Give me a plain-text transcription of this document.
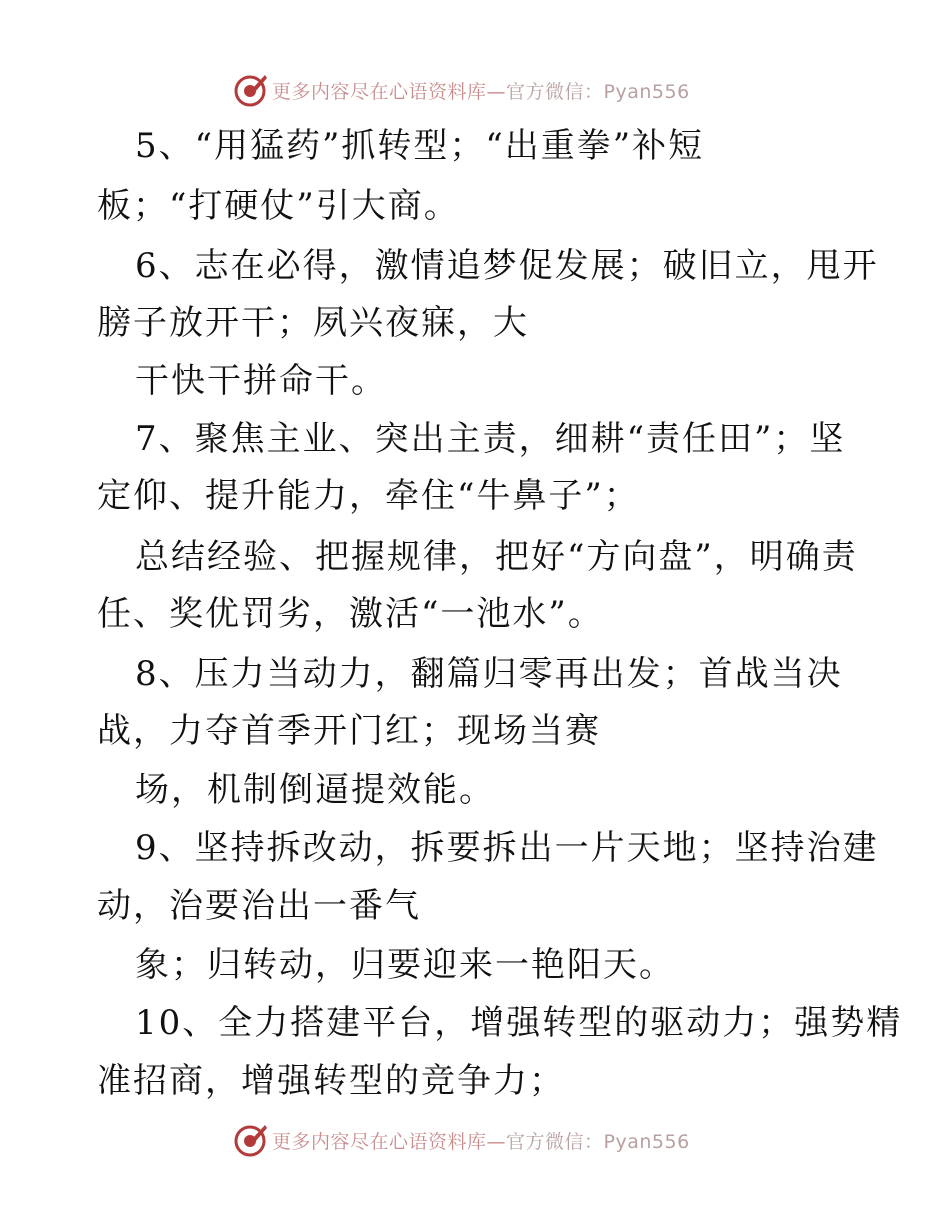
更多内容尽在心语资料库—官方微信：Pyan556

5、“用猛药”抓转型；“出重拳”补短

板；“打硬仗”引大商。

6、志在必得，激情追梦促发展；破旧立，甩开

膀子放开干；夙兴夜寐，大

干快干拼命干。

7、聚焦主业、突出主责，细耕“责任田”；坚

定仰、提升能力，牵住“牛鼻子”；

总结经验、把握规律，把好“方向盘”，明确责

任、奖优罚劣，激活“一池水”。

8、压力当动力，翻篇归零再出发；首战当决

战，力夺首季开门红；现场当赛

场，机制倒逼提效能。

9、坚持拆改动，拆要拆出一片天地；坚持治建

动，治要治出一番气

象；归转动，归要迎来一艳阳天。

10、全力搭建平台，增强转型的驱动力；强势精

准招商，增强转型的竞争力；

更多内容尽在心语资料库—官方微信：Pyan556
